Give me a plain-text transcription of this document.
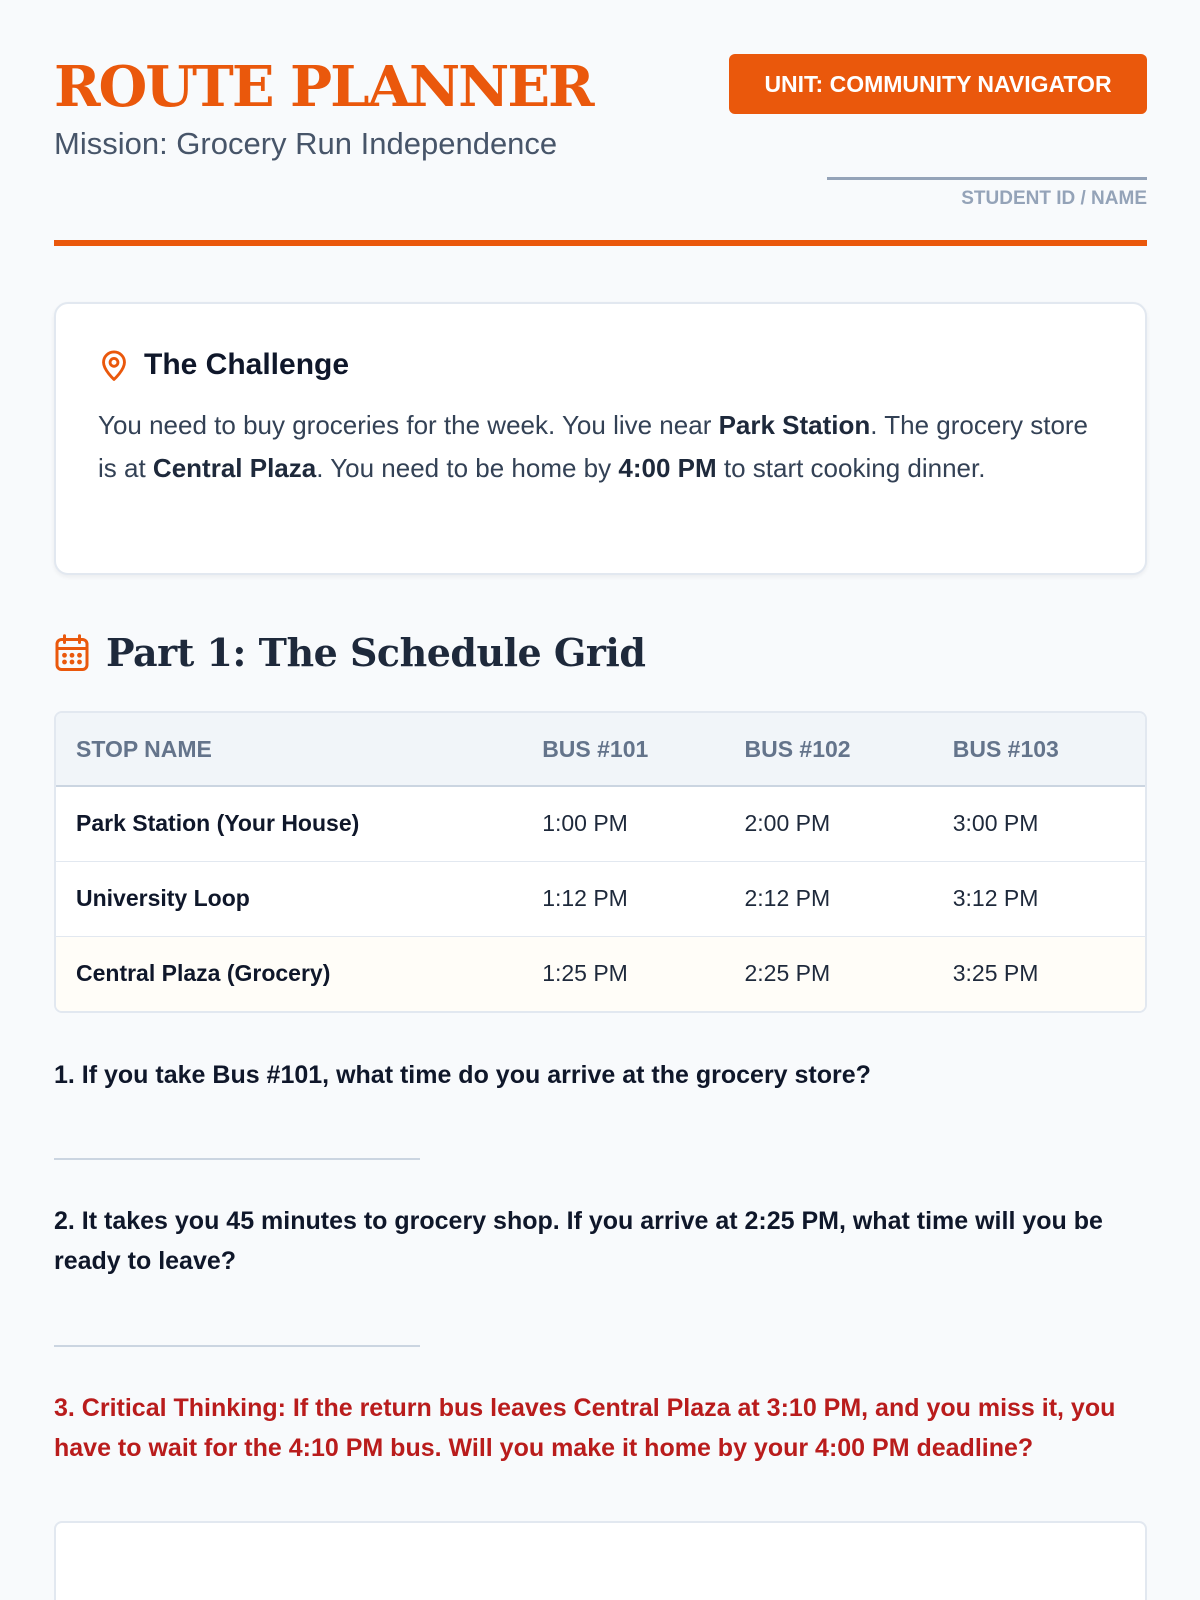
ROUTE PLANNER
Mission: Grocery Run Independence
UNIT: COMMUNITY NAVIGATOR
STUDENT ID / NAME
The Challenge
You need to buy groceries for the week. You live near Park Station. The grocery store is at Central Plaza. You need to be home by 4:00 PM to start cooking dinner.
Part 1: The Schedule Grid
STOP NAME	BUS #101	BUS #102	BUS #103
Park Station (Your House)	1:00 PM	2:00 PM	3:00 PM
University Loop	1:12 PM	2:12 PM	3:12 PM
Central Plaza (Grocery)	1:25 PM	2:25 PM	3:25 PM
1. If you take Bus #101, what time do you arrive at the grocery store?
2. It takes you 45 minutes to grocery shop. If you arrive at 2:25 PM, what time will you be ready to leave?
3. Critical Thinking: If the return bus leaves Central Plaza at 3:10 PM, and you miss it, you have to wait for the 4:10 PM bus. Will you make it home by your 4:00 PM deadline?
